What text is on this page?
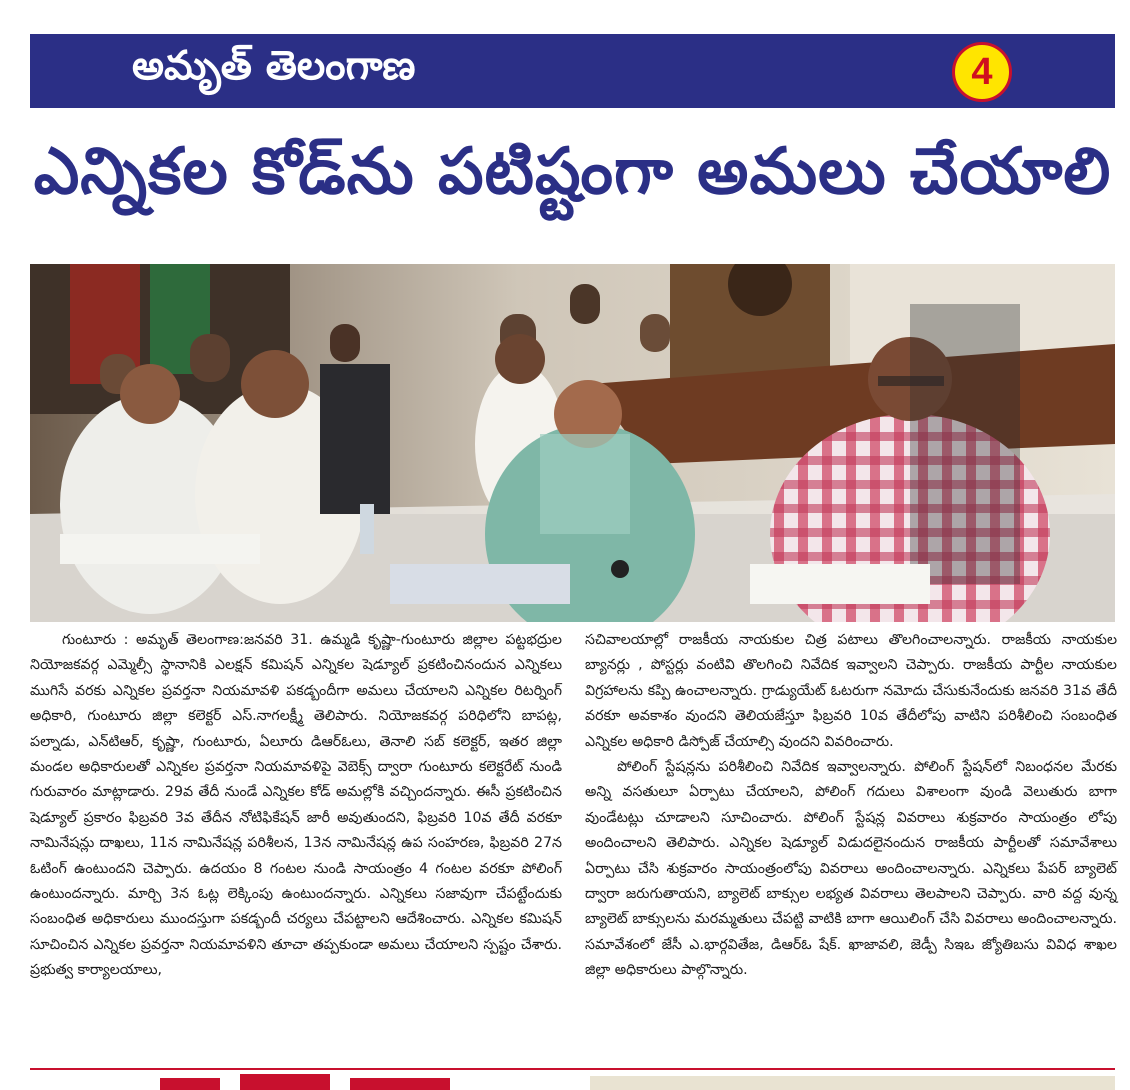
అమృత్ తెలంగాణ	4
ఎన్నికల కోడ్‌ను పటిష్టంగా అమలు చేయాలి

గుంటూరు : అమృత్ తెలంగాణ:జనవరి 31. ఉమ్మడి కృష్ణా-గుంటూరు జిల్లాల పట్టభద్రుల నియోజకవర్గ ఎమ్మెల్సీ స్థానానికి ఎలక్షన్ కమిషన్ ఎన్నికల షెడ్యూల్ ప్రకటించినందున ఎన్నికలు ముగిసే వరకు ఎన్నికల ప్రవర్తనా నియమావళి పకడ్బందీగా అమలు చేయాలని ఎన్నికల రిటర్నింగ్ అధికారి, గుంటూరు జిల్లా కలెక్టర్ ఎస్.నాగలక్ష్మీ తెలిపారు. నియోజకవర్గ పరిధిలోని బాపట్ల, పల్నాడు, ఎన్‌టిఆర్, కృష్ణా, గుంటూరు, ఏలూరు డిఆర్‌ఓలు, తెనాలి సబ్ కలెక్టర్, ఇతర జిల్లా మండల అధికారులతో ఎన్నికల ప్రవర్తనా నియమావళిపై వెబెక్స్ ద్వారా గుంటూరు కలెక్టరేట్ నుండి గురువారం మాట్లాడారు. 29వ తేదీ నుండే ఎన్నికల కోడ్ అమల్లోకి వచ్చిందన్నారు. ఈసీ ప్రకటించిన షెడ్యూల్ ప్రకారం ఫిబ్రవరి 3వ తేదీన నోటిఫికేషన్ జారీ అవుతుందని, ఫిబ్రవరి 10వ తేదీ వరకూ నామినేషన్లు దాఖలు, 11న నామినేషన్ల పరిశీలన, 13న నామినేషన్ల ఉప సంహరణ, ఫిబ్రవరి 27న ఓటింగ్ ఉంటుందని చెప్పారు. ఉదయం 8 గంటల నుండి సాయంత్రం 4 గంటల వరకూ పోలింగ్ ఉంటుందన్నారు. మార్చి 3న ఓట్ల లెక్కింపు ఉంటుందన్నారు. ఎన్నికలు సజావుగా చేపట్టేందుకు సంబంధిత అధికారులు ముందస్తుగా పకడ్బందీ చర్యలు చేపట్టాలని ఆదేశించారు. ఎన్నికల కమిషన్ సూచించిన ఎన్నికల ప్రవర్తనా నియమావళిని తూచా తప్పకుండా అమలు చేయాలని స్పష్టం చేశారు. ప్రభుత్వ కార్యాలయాలు,

సచివాలయాల్లో రాజకీయ నాయకుల చిత్ర పటాలు తొలగించాలన్నారు. రాజకీయ నాయకుల బ్యానర్లు , పోస్టర్లు వంటివి తొలగించి నివేదిక ఇవ్వాలని చెప్పారు. రాజకీయ పార్టీల నాయకుల విగ్రహాలను కప్పి ఉంచాలన్నారు. గ్రాడ్యుయేట్ ఓటరుగా నమోదు చేసుకునేందుకు జనవరి 31వ తేదీ వరకూ అవకాశం వుందని తెలియజేస్తూ ఫిబ్రవరి 10వ తేదీలోపు వాటిని పరిశీలించి సంబంధిత ఎన్నికల అధికారి డిస్పోజ్ చేయాల్సి వుందని వివరించారు.

పోలింగ్ స్టేషన్లను పరిశీలించి నివేదిక ఇవ్వాలన్నారు. పోలింగ్ స్టేషన్‌లో నిబంధనల మేరకు అన్ని వసతులూ ఏర్పాటు చేయాలని, పోలింగ్ గదులు విశాలంగా వుండి వెలుతురు బాగా వుండేటట్లు చూడాలని సూచించారు. పోలింగ్ స్టేషన్ల వివరాలు శుక్రవారం సాయంత్రం లోపు అందించాలని తెలిపారు. ఎన్నికల షెడ్యూల్ విడుదలైనందున రాజకీయ పార్టీలతో సమావేశాలు ఏర్పాటు చేసి శుక్రవారం సాయంత్రంలోపు వివరాలు అందించాలన్నారు. ఎన్నికలు పేపర్ బ్యాలెట్ ద్వారా జరుగుతాయని, బ్యాలెట్ బాక్సుల లభ్యత వివరాలు తెలపాలని చెప్పారు. వారి వద్ద వున్న బ్యాలెట్ బాక్సులను మరమ్మతులు చేపట్టి వాటికి బాగా ఆయిలింగ్ చేసి వివరాలు అందించాలన్నారు. సమావేశంలో జేసీ ఎ.భార్గవితేజ, డిఆర్‌ఓ షేక్. ఖాజావలి, జెడ్పీ సిఇఒ జ్యోతిబసు వివిధ శాఖల జిల్లా అధికారులు పాల్గొన్నారు.
